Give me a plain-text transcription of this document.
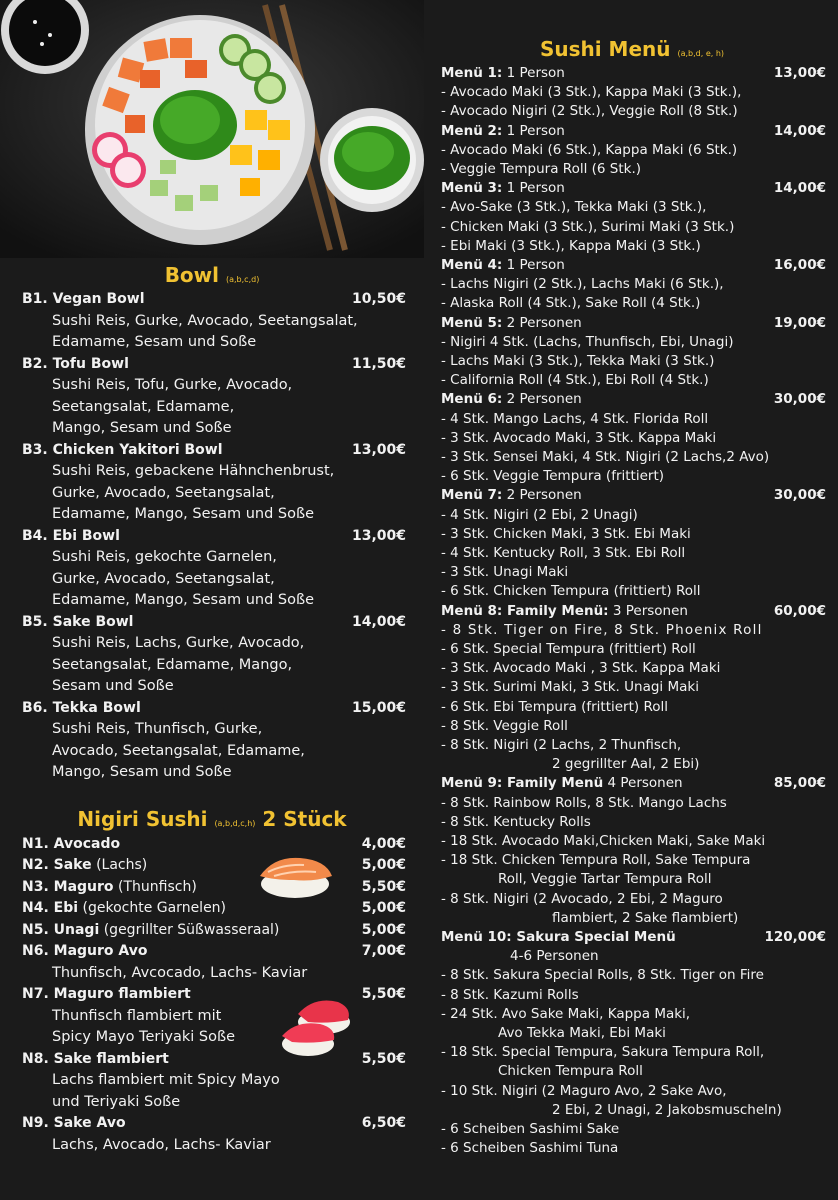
Bowl (a,b,c,d)
B1. Vegan Bowl	10,50€
Sushi Reis, Gurke, Avocado, Seetangsalat,
Edamame, Sesam und Soße
B2. Tofu Bowl	11,50€
Sushi Reis, Tofu, Gurke, Avocado,
Seetangsalat, Edamame,
Mango, Sesam und Soße
B3. Chicken Yakitori Bowl	13,00€
Sushi Reis, gebackene Hähnchenbrust,
Gurke, Avocado, Seetangsalat,
Edamame, Mango, Sesam und Soße
B4. Ebi Bowl	13,00€
Sushi Reis, gekochte Garnelen,
Gurke, Avocado, Seetangsalat,
Edamame, Mango, Sesam und Soße
B5. Sake Bowl	14,00€
Sushi Reis, Lachs, Gurke, Avocado,
Seetangsalat, Edamame, Mango,
Sesam und Soße
B6. Tekka Bowl	15,00€
Sushi Reis, Thunfisch, Gurke,
Avocado, Seetangsalat, Edamame,
Mango, Sesam und Soße
Nigiri Sushi (a,b,d,c,h) 2 Stück
N1. Avocado	4,00€
N2. Sake (Lachs)	5,00€
N3. Maguro (Thunfisch)	5,50€
N4. Ebi (gekochte Garnelen)	5,00€
N5. Unagi (gegrillter Süßwasseraal)	5,00€
N6. Maguro Avo	7,00€
Thunfisch, Avcocado, Lachs- Kaviar
N7. Maguro flambiert	5,50€
Thunfisch flambiert mit
Spicy Mayo Teriyaki Soße
N8. Sake flambiert	5,50€
Lachs flambiert mit Spicy Mayo
und Teriyaki Soße
N9. Sake Avo	6,50€
Lachs, Avocado, Lachs- Kaviar
Sushi Menü (a,b,d, e, h)
Menü 1: 1 Person	13,00€
- Avocado Maki (3 Stk.), Kappa Maki (3 Stk.),
- Avocado Nigiri (2 Stk.), Veggie Roll (8 Stk.)
Menü 2: 1 Person	14,00€
- Avocado Maki (6 Stk.), Kappa Maki (6 Stk.)
- Veggie Tempura Roll (6 Stk.)
Menü 3: 1 Person	14,00€
- Avo-Sake (3 Stk.), Tekka Maki (3 Stk.),
- Chicken Maki (3 Stk.), Surimi Maki (3 Stk.)
- Ebi Maki (3 Stk.), Kappa Maki (3 Stk.)
Menü 4: 1 Person	16,00€
- Lachs Nigiri (2 Stk.), Lachs Maki (6 Stk.),
- Alaska Roll (4 Stk.), Sake Roll (4 Stk.)
Menü 5: 2 Personen	19,00€
- Nigiri 4 Stk. (Lachs, Thunfisch, Ebi, Unagi)
- Lachs Maki (3 Stk.), Tekka Maki (3 Stk.)
- California Roll (4 Stk.), Ebi Roll (4 Stk.)
Menü 6: 2 Personen	30,00€
- 4 Stk. Mango Lachs, 4 Stk. Florida Roll
- 3 Stk. Avocado Maki, 3 Stk. Kappa Maki
- 3 Stk. Sensei Maki, 4 Stk. Nigiri (2 Lachs,2 Avo)
- 6 Stk. Veggie Tempura (frittiert)
Menü 7: 2 Personen	30,00€
- 4 Stk. Nigiri (2 Ebi, 2 Unagi)
- 3 Stk. Chicken Maki, 3 Stk. Ebi Maki
- 4 Stk. Kentucky Roll, 3 Stk. Ebi Roll
- 3 Stk. Unagi Maki
- 6 Stk. Chicken Tempura (frittiert) Roll
Menü 8: Family Menü: 3 Personen	60,00€
- 8 Stk. Tiger on Fire, 8 Stk. Phoenix Roll
- 6 Stk. Special Tempura (frittiert) Roll
- 3 Stk. Avocado Maki , 3 Stk. Kappa Maki
- 3 Stk. Surimi Maki, 3 Stk. Unagi Maki
- 6 Stk. Ebi Tempura (frittiert) Roll
- 8 Stk. Veggie Roll
- 8 Stk. Nigiri (2 Lachs, 2 Thunfisch,
2 gegrillter Aal, 2 Ebi)
Menü 9: Family Menü 4 Personen	85,00€
- 8 Stk. Rainbow Rolls, 8 Stk. Mango Lachs
- 8 Stk. Kentucky Rolls
- 18 Stk. Avocado Maki,Chicken Maki, Sake Maki
- 18 Stk. Chicken Tempura Roll, Sake Tempura
Roll, Veggie Tartar Tempura Roll
- 8 Stk. Nigiri (2 Avocado, 2 Ebi, 2 Maguro
flambiert, 2 Sake flambiert)
Menü 10: Sakura Special Menü	120,00€
4-6 Personen
- 8 Stk. Sakura Special Rolls, 8 Stk. Tiger on Fire
- 8 Stk. Kazumi Rolls
- 24 Stk. Avo Sake Maki, Kappa Maki,
Avo Tekka Maki, Ebi Maki
- 18 Stk. Special Tempura, Sakura Tempura Roll,
Chicken Tempura Roll
- 10 Stk. Nigiri (2 Maguro Avo, 2 Sake Avo,
2 Ebi, 2 Unagi, 2 Jakobsmuscheln)
- 6 Scheiben Sashimi Sake
- 6 Scheiben Sashimi Tuna
